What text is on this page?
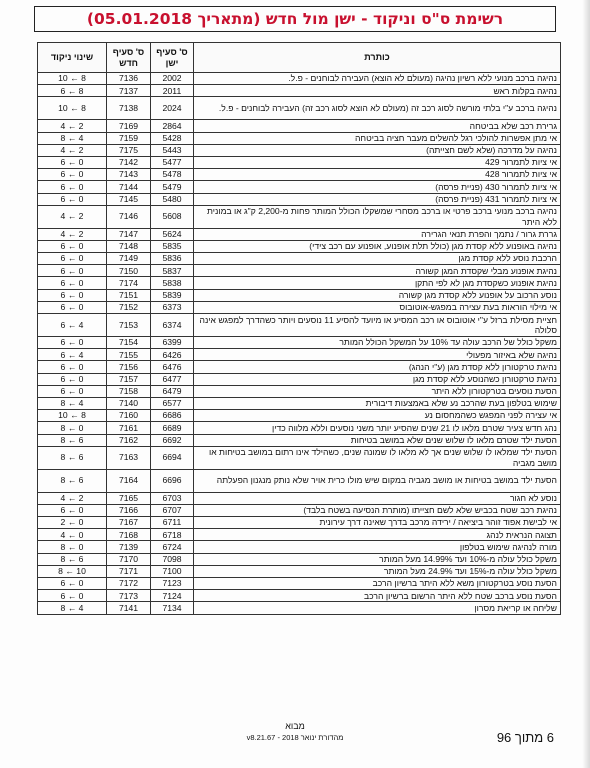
רשימת ס"ס וניקוד - ישן מול חדש (מתאריך 05.01.2018)
כותרת	ס' סעיף ישן	ס' סעיף חדש	שינוי ניקוד
נהיגה ברכב מנועי ללא רשיון נהיגה (מעולם לא הוצא) העבירה לבוחנים - פ.ל.	2002	7136	10 ← 8
נהיגה בקלות ראש	2011	7137	6 ← 8
נהיגה ברכב ע"י בלתי מורשה לסוג רכב זה (מעולם לא הוצא לסוג רכב זה) העבירה לבוחנים - פ.ל.	2024	7138	10 ← 8
גרירת רכב שלא בביטחה	2864	7169	4 ← 2
אי מתן אפשרות להולכי רגל להשלים מעבר חציה בביטחה	5428	7159	8 ← 4
נהיגה על מדרכה (שלא לשם חצייתה)	5443	7175	4 ← 2
אי ציות לתמרור 429	5477	7142	6 ← 0
אי ציות לתמרור 428	5478	7143	6 ← 0
אי ציות לתמרור 430 (פניית פרסה)	5479	7144	6 ← 0
אי ציות לתמרור 431 (פניית פרסה)	5480	7145	6 ← 0
נהיגה ברכב מנועי ברכב פרטי או ברכב מסחרי שמשקלו הכולל המותר פחות מ-2,200 ק"ג או במונית ללא היתר	5608	7146	4 ← 2
גררת גרור / נתמך והפרת תנאי הגרירה	5624	7147	4 ← 2
נהיגה באופנוע ללא קסדת מגן (כולל תלת אופנוע, אופנוע עם רכב צידי)	5835	7148	6 ← 0
הרכבת נוסע ללא קסדת מגן	5836	7149	6 ← 0
נהיגת אופנוע מבלי שקסדת המגן קשורה	5837	7150	6 ← 0
נהיגת אופנוע כשקסדת מגן לא לפי התקן	5838	7174	6 ← 0
נוסע הרכוב על אופנוע ללא קסדת מגן קשורה	5839	7151	6 ← 0
אי מילוי הוראות בעת עצירה במפגש-אוטובוס	6373	7152	6 ← 0
חציית מסילת ברזל ע"י אוטובוס או רכב המסיע או מיועד להסיע 11 נוסעים ויותר כשהדרך למפגש אינה סלולה	6374	7153	6 ← 4
משקל כולל של הרכב עולה עד 10% על המשקל הכולל המותר	6399	7154	6 ← 0
נהיגה שלא באיזור מפעולי	6426	7155	6 ← 4
נהיגת טרקטורון ללא קסדת מגן (ע"י הנהג)	6476	7156	6 ← 0
נהיגת טרקטורון כשהנוסע ללא קסדת מגן	6477	7157	6 ← 0
הסעת נוסעים בטרקטורון ללא היתר	6479	7158	6 ← 0
שימוש בטלפון בעת שהרכב נע שלא באמצעות דיבורית	6577	7140	8 ← 4
אי עצירה לפני המפגש כשהמחסום נע	6686	7160	10 ← 8
נהג חדש צעיר שטרם מלאו לו 21 שנים שהסיע יותר משני נוסעים וללא מלווה כדין	6689	7161	8 ← 0
הסעת ילד שטרם מלאו לו שלוש שנים שלא במושב בטיחות	6692	7162	8 ← 6
הסעת ילד שמלאו לו שלוש שנים אך לא מלאו לו שמונה שנים, כשהילד אינו רתום במושב בטיחות או מושב מגביה	6694	7163	8 ← 6
הסעת ילד במושב בטיחות או מושב מגביה במקום שיש מולו כרית אויר שלא נותק מנגנון הפעלתה	6696	7164	8 ← 6
נוסע לא חגור	6703	7165	4 ← 2
נהיגת רכב שטח בכביש שלא לשם חצייתו (מותרת הנסיעה בשטח בלבד)	6707	7166	6 ← 0
אי לבישת אפוד זוהר ביציאה / ירידה מרכב בדרך שאינה דרך עירונית	6711	7167	2 ← 0
תצוגה הנראית לנהג	6718	7168	4 ← 0
מורה לנהיגה שימוש בטלפון	6724	7139	8 ← 0
משקל כולל עולה מ-10% ועד 14.99% מעל המותר	7098	7170	8 ← 6
משקל כולל עולה מ-15% ועד 24.9% מעל המותר	7100	7171	8 ← 10
הסעת נוסע בטרקטורון משא ללא היתר ברשיון הרכב	7123	7172	6 ← 0
הסעת נוסע ברכב שטח ללא היתר הרשום ברשיון הרכב	7124	7173	6 ← 0
שליחה או קריאת מסרון	7134	7141	8 ← 4
מבוא
מהדורת ינואר 2018 - v8.21.67	6 מתוך 96
